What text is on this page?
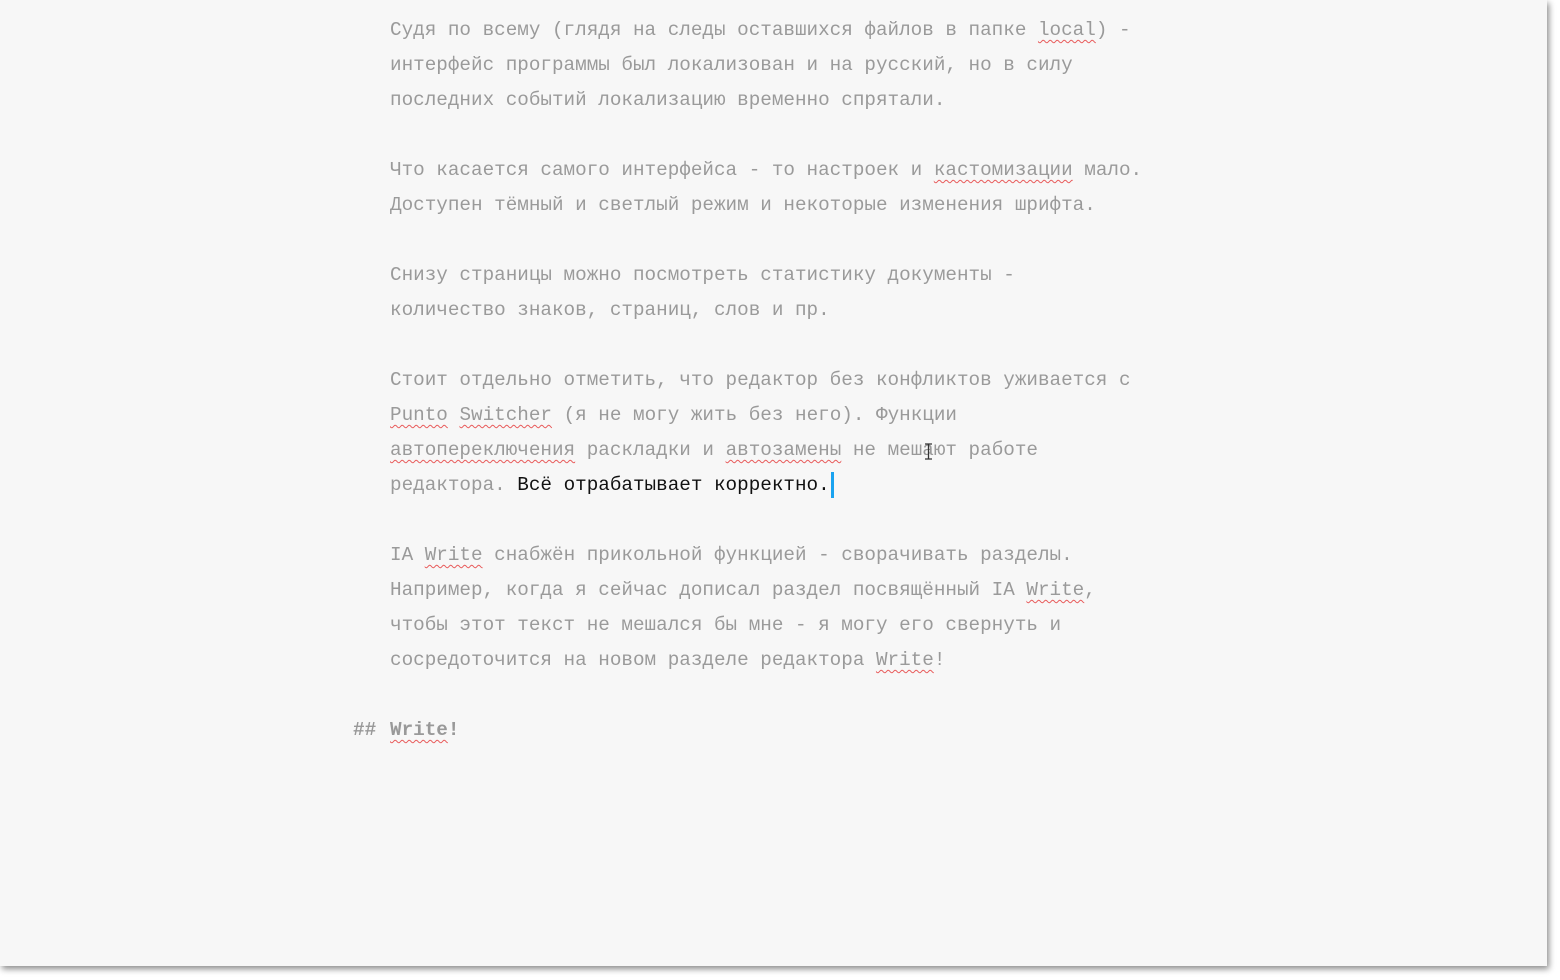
Судя по всему (глядя на следы оставшихся файлов в папке local) -
интерфейс программы был локализован и на русский, но в силу
последних событий локализацию временно спрятали.
Что касается самого интерфейса - то настроек и кастомизации мало.
Доступен тёмный и светлый режим и некоторые изменения шрифта.
Снизу страницы можно посмотреть статистику документы -
количество знаков, страниц, слов и пр.
Стоит отдельно отметить, что редактор без конфликтов уживается с
Punto Switcher (я не могу жить без него). Функции
автопереключения раскладки и автозамены не мешают работе
редактора. Всё отрабатывает корректно.
IA Write снабжён прикольной функцией - сворачивать разделы.
Например, когда я сейчас дописал раздел посвящённый IA Write,
чтобы этот текст не мешался бы мне - я могу его свернуть и
сосредоточится на новом разделе редактора Write!
## Write!
